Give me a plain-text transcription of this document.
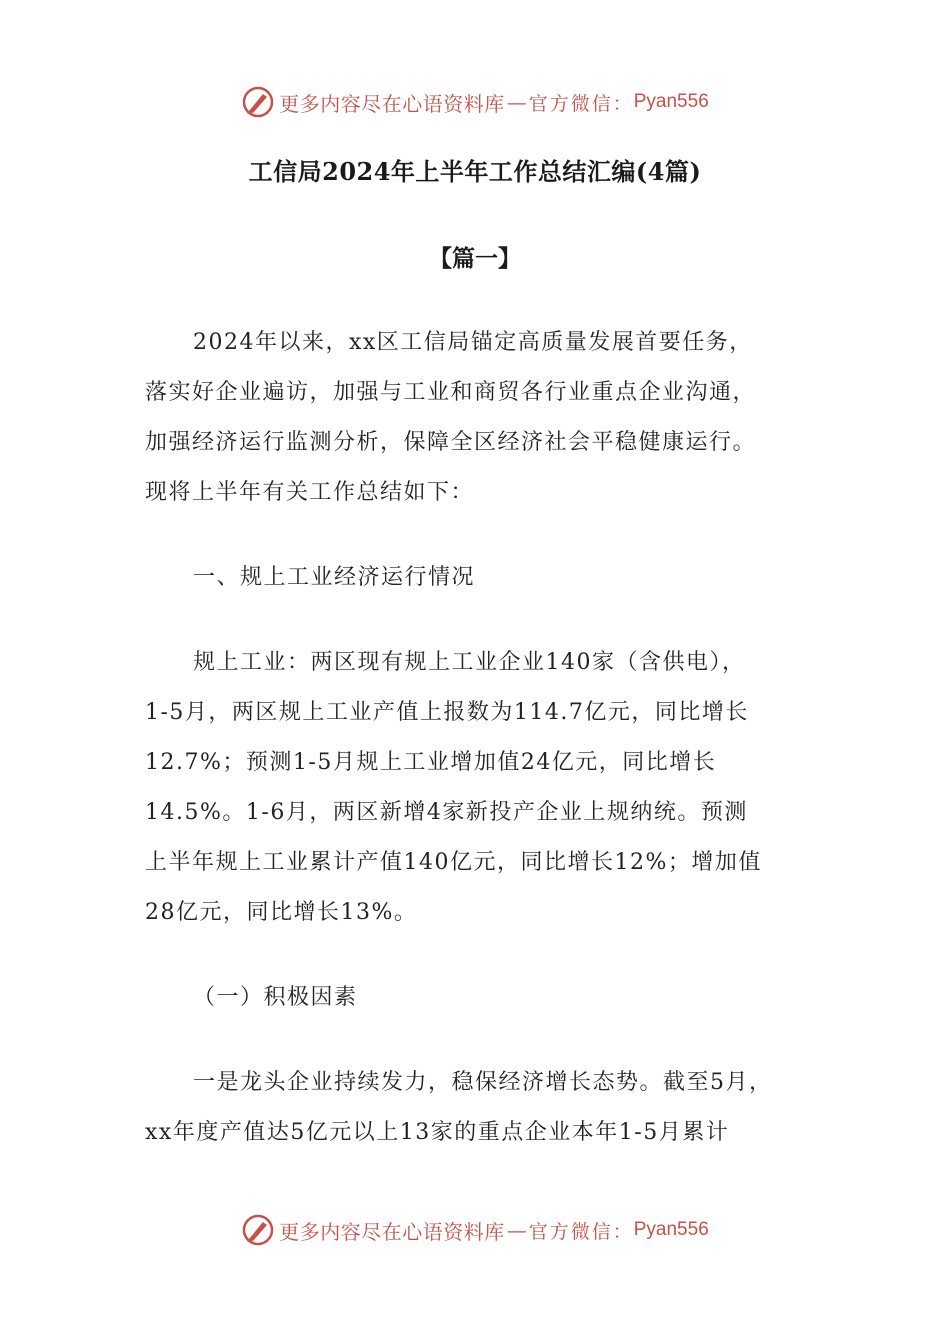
更多内容尽在心语资料库 — 官方微信： Pyan556
工信局2024年上半年工作总结汇编(4篇)
【篇一】

2024年以来，xx区工信局锚定高质量发展首要任务，
落实好企业遍访，加强与工业和商贸各行业重点企业沟通，
加强经济运行监测分析，保障全区经济社会平稳健康运行。
现将上半年有关工作总结如下：

一、规上工业经济运行情况

规上工业：两区现有规上工业企业140家（含供电），
1-5月，两区规上工业产值上报数为114.7亿元，同比增长
12.7%；预测1-5月规上工业增加值24亿元，同比增长
14.5%。1-6月，两区新增4家新投产企业上规纳统。预测
上半年规上工业累计产值140亿元，同比增长12%；增加值
28亿元，同比增长13%。

（一）积极因素

一是龙头企业持续发力，稳保经济增长态势。截至5月，
xx年度产值达5亿元以上13家的重点企业本年1-5月累计

更多内容尽在心语资料库 — 官方微信： Pyan556
